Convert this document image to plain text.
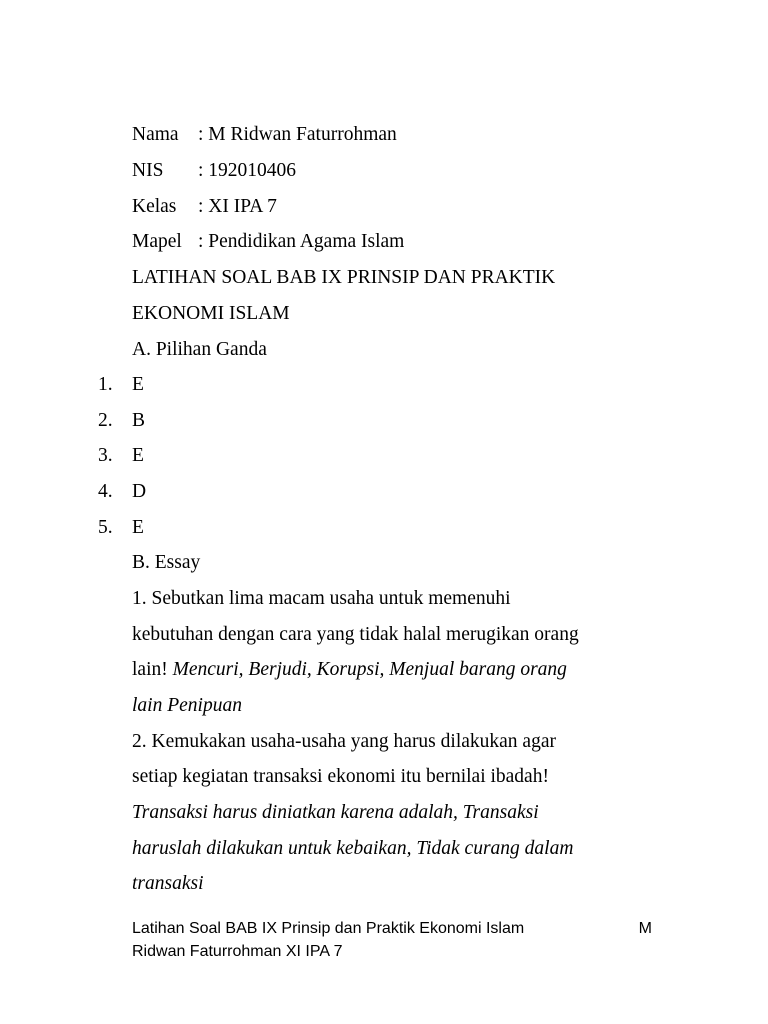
Nama : M Ridwan Faturrohman
NIS : 192010406
Kelas : XI IPA 7
Mapel : Pendidikan Agama Islam
LATIHAN SOAL BAB IX PRINSIP DAN PRAKTIK
EKONOMI ISLAM
A. Pilihan Ganda
1. E
2. B
3. E
4. D
5. E
B. Essay
1. Sebutkan lima macam usaha untuk memenuhi
kebutuhan dengan cara yang tidak halal merugikan orang
lain! Mencuri, Berjudi, Korupsi, Menjual barang orang
lain Penipuan
2. Kemukakan usaha-usaha yang harus dilakukan agar
setiap kegiatan transaksi ekonomi itu bernilai ibadah!
Transaksi harus diniatkan karena adalah, Transaksi
haruslah dilakukan untuk kebaikan, Tidak curang dalam
transaksi
Latihan Soal BAB IX Prinsip dan Praktik Ekonomi Islam	M
Ridwan Faturrohman XI IPA 7
